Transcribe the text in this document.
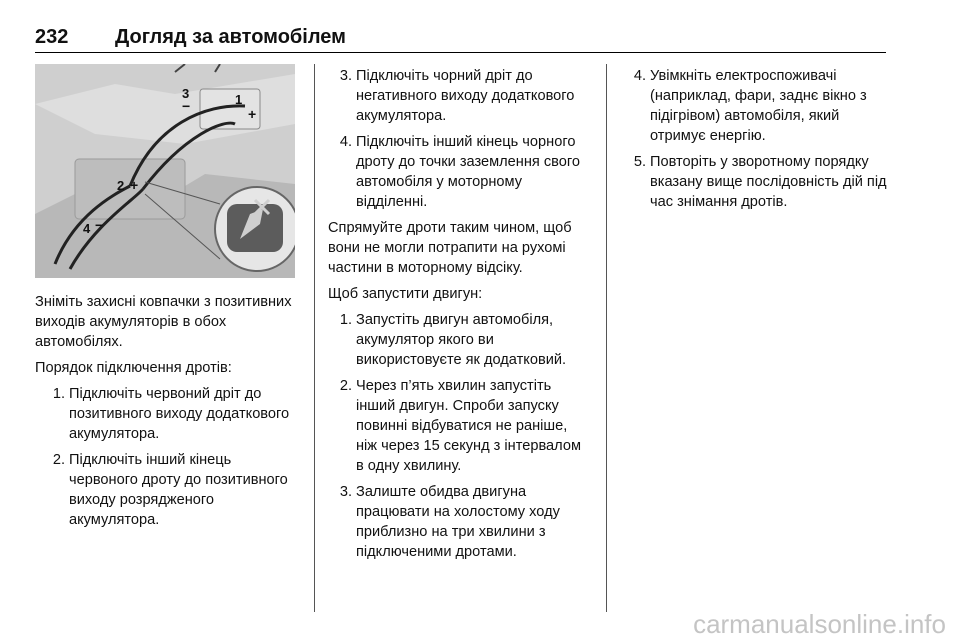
232 Догляд за автомобілем
1
+
2 +
3
−
4 −

Зніміть захисні ковпачки з позитивних виходів акумуляторів в обох автомобілях.

Порядок підключення дротів:

1. Підключіть червоний дріт до позитивного виходу додаткового акумулятора.
2. Підключіть інший кінець червоного дроту до позитивного виходу розрядженого акумулятора.
3. Підключіть чорний дріт до негативного виходу додаткового акумулятора.
4. Підключіть інший кінець чорного дроту до точки заземлення свого автомобіля у моторному відділенні.

Спрямуйте дроти таким чином, щоб вони не могли потрапити на рухомі частини в моторному відсіку.

Щоб запустити двигун:

1. Запустіть двигун автомобіля, акумулятор якого ви використовуєте як додатковий.
2. Через п’ять хвилин запустіть інший двигун. Спроби запуску повинні відбуватися не раніше, ніж через 15 секунд з інтервалом в одну хвилину.
3. Залиште обидва двигуна працювати на холостому ходу приблизно на три хвилини з підключеними дротами.
4. Увімкніть електроспоживачі (наприклад, фари, заднє вікно з підігрівом) автомобіля, який отримує енергію.
5. Повторіть у зворотному порядку вказану вище послідовність дій під час знімання дротів.
carmanualsonline.info
